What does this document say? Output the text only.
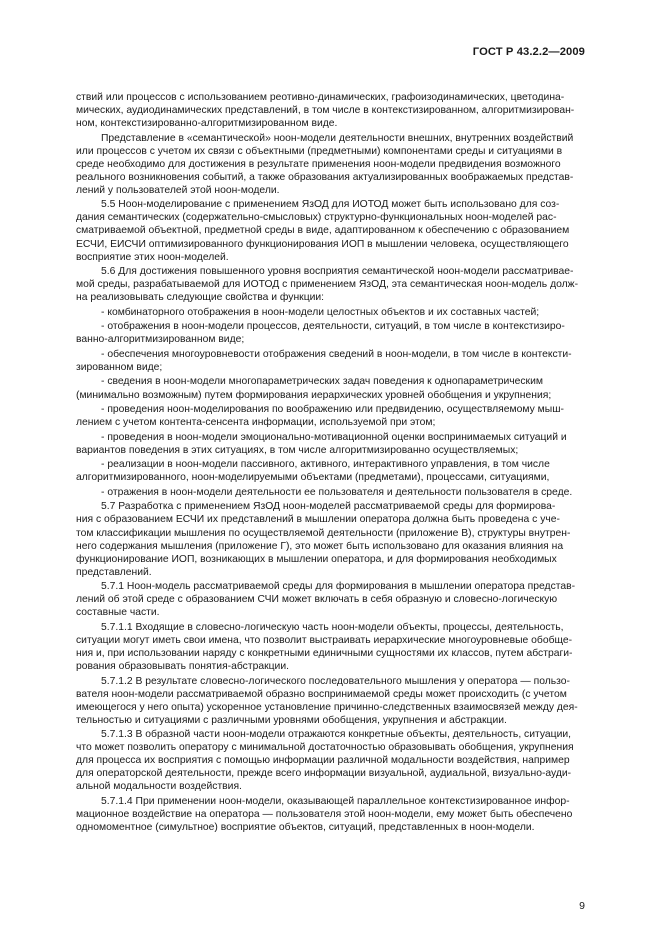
ГОСТ Р 43.2.2—2009

ствий или процессов с использованием реотивно-динамических, графоизодинамических, цветодина-
мических, аудиодинамических представлений, в том числе в контекстизированном, алгоритмизирован-
ном, контекстизированно-алгоритмизированном виде.

Представление в «семантической» ноон-модели деятельности внешних, внутренних воздействий
или процессов с учетом их связи с объектными (предметными) компонентами среды и ситуациями в
среде необходимо для достижения в результате применения ноон-модели предвидения возможного
реального возникновения событий, а также образования актуализированных воображаемых представ-
лений у пользователей этой ноон-модели.

5.5 Ноон-моделирование с применением ЯзОД для ИОТОД может быть использовано для соз-
дания семантических (содержательно-смысловых) структурно-функциональных ноон-моделей рас-
сматриваемой объектной, предметной среды в виде, адаптированном к обеспечению с образованием
ЕСЧИ, ЕИСЧИ оптимизированного функционирования ИОП в мышлении человека, осуществляющего
восприятие этих ноон-моделей.

5.6 Для достижения повышенного уровня восприятия семантической ноон-модели рассматривае-
мой среды, разрабатываемой для ИОТОД с применением ЯзОД, эта семантическая ноон-модель долж-
на реализовывать следующие свойства и функции:

- комбинаторного отображения в ноон-модели целостных объектов и их составных частей;

- отображения в ноон-модели процессов, деятельности, ситуаций, в том числе в контекстизиро-
ванно-алгоритмизированном виде;

- обеспечения многоуровневости отображения сведений в ноон-модели, в том числе в контексти-
зированном виде;

- сведения в ноон-модели многопараметрических задач поведения к однопараметрическим
(минимально возможным) путем формирования иерархических уровней обобщения и укрупнения;

- проведения ноон-моделирования по воображению или предвидению, осуществляемому мыш-
лением с учетом контента-сенсента информации, используемой при этом;

- проведения в ноон-модели эмоционально-мотивационной оценки воспринимаемых ситуаций и
вариантов поведения в этих ситуациях, в том числе алгоритмизированно осуществляемых;

- реализации в ноон-модели пассивного, активного, интерактивного управления, в том числе
алгоритмизированного, ноон-моделируемыми объектами (предметами), процессами, ситуациями,

- отражения в ноон-модели деятельности ее пользователя и деятельности пользователя в среде.

5.7 Разработка с применением ЯзОД ноон-моделей рассматриваемой среды для формирова-
ния с образованием ЕСЧИ их представлений в мышлении оператора должна быть проведена с уче-
том классификации мышления по осуществляемой деятельности (приложение В), структуры внутрен-
него содержания мышления (приложение Г), это может быть использовано для оказания влияния на
функционирование ИОП, возникающих в мышлении оператора, и для формирования необходимых
представлений.

5.7.1 Ноон-модель рассматриваемой среды для формирования в мышлении оператора представ-
лений об этой среде с образованием СЧИ может включать в себя образную и словесно-логическую
составные части.

5.7.1.1 Входящие в словесно-логическую часть ноон-модели объекты, процессы, деятельность,
ситуации могут иметь свои имена, что позволит выстраивать иерархические многоуровневые обобще-
ния и, при использовании наряду с конкретными единичными сущностями их классов, путем абстраги-
рования образовывать понятия-абстракции.

5.7.1.2 В результате словесно-логического последовательного мышления у оператора — пользо-
вателя ноон-модели рассматриваемой образно воспринимаемой среды может происходить (с учетом
имеющегося у него опыта) ускоренное установление причинно-следственных взаимосвязей между дея-
тельностью и ситуациями с различными уровнями обобщения, укрупнения и абстракции.

5.7.1.3 В образной части ноон-модели отражаются конкретные объекты, деятельность, ситуации,
что может позволить оператору с минимальной достаточностью образовывать обобщения, укрупнения
для процесса их восприятия с помощью информации различной модальности воздействия, например
для операторской деятельности, прежде всего информации визуальной, аудиальной, визуально-ауди-
альной модальности воздействия.

5.7.1.4 При применении ноон-модели, оказывающей параллельное контекстизированное инфор-
мационное воздействие на оператора — пользователя этой ноон-модели, ему может быть обеспечено
одномоментное (симультное) восприятие объектов, ситуаций, представленных в ноон-модели.

9
